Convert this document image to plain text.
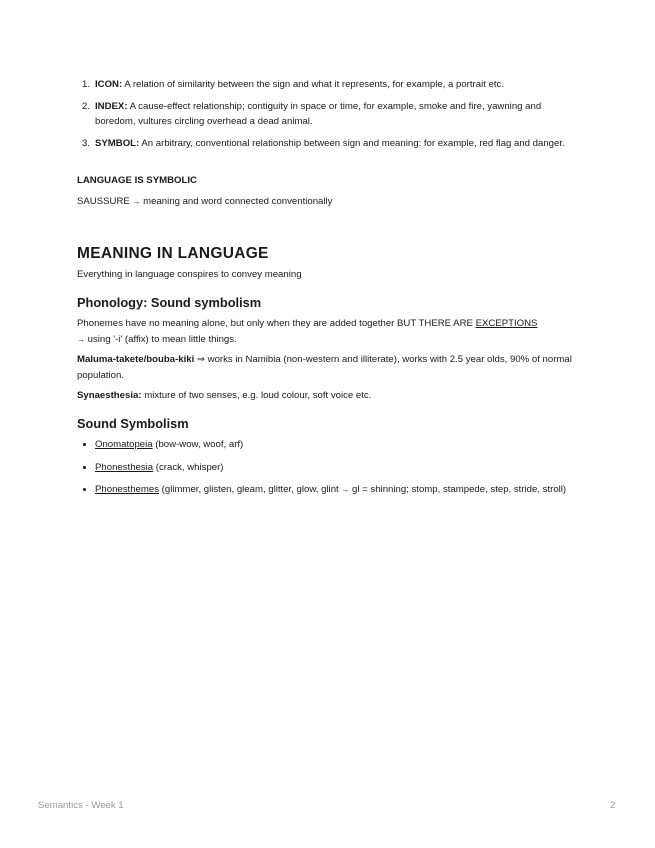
1. ICON: A relation of similarity between the sign and what it represents, for example, a portrait etc.
2. INDEX: A cause-effect relationship; contiguity in space or time, for example, smoke and fire, yawning and boredom, vultures circling overhead a dead animal.
3. SYMBOL: An arbitrary, conventional relationship between sign and meaning: for example, red flag and danger.
LANGUAGE IS SYMBOLIC
SAUSSURE → meaning and word connected conventionally
MEANING IN LANGUAGE
Everything in language conspires to convey meaning
Phonology: Sound symbolism
Phonemes have no meaning alone, but only when they are added together BUT THERE ARE EXCEPTIONS
→ using '-i' (affix) to mean little things.
Maluma-takete/bouba-kiki ⇒ works in Namibia (non-western and illiterate), works with 2.5 year olds, 90% of normal population.
Synaesthesia: mixture of two senses, e.g. loud colour, soft voice etc.
Sound Symbolism
Onomatopeia (bow-wow, woof, arf)
Phonesthesia (crack, whisper)
Phonesthemes (glimmer, glisten, gleam, glitter, glow, glint → gl = shinning; stomp, stampede, step, stride, stroll)
Semantics - Week 1	2
